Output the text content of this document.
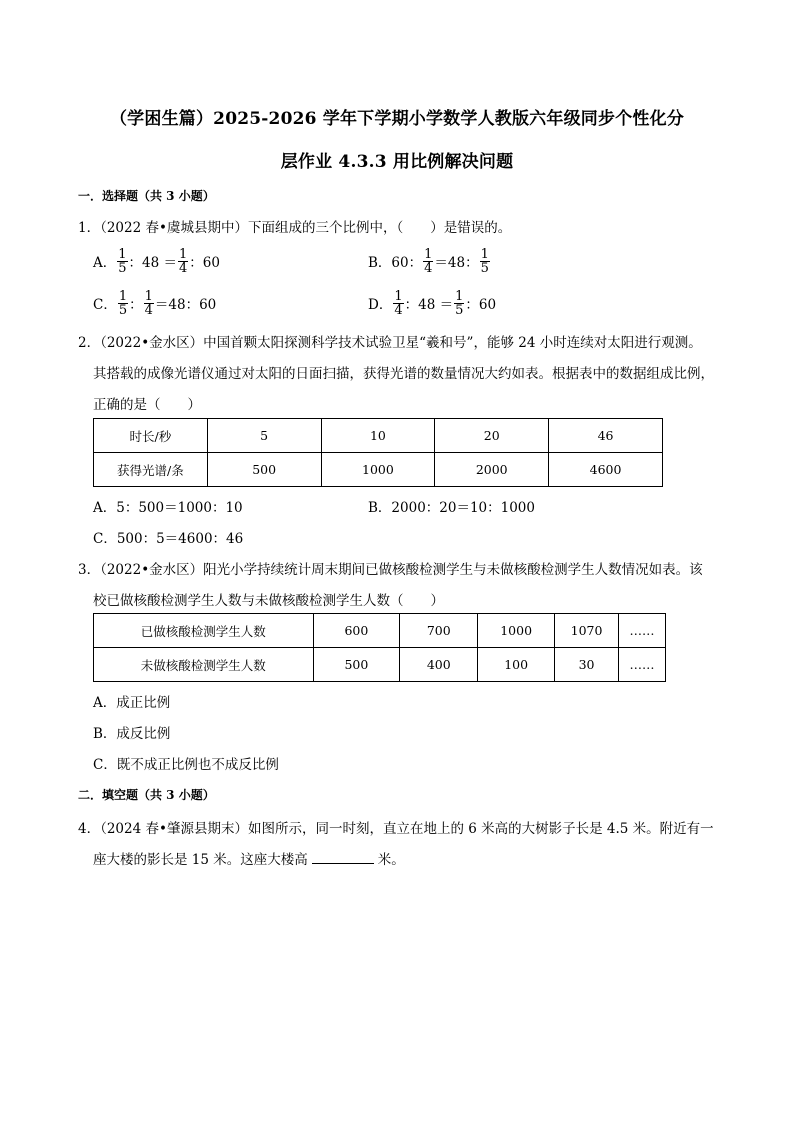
（学困生篇）2025-2026 学年下学期小学数学人教版六年级同步个性化分
层作业 4.3.3 用比例解决问题
一．选择题（共 3 小题）
1．（2022 春•虞城县期中）下面组成的三个比例中，（　　）是错误的。
A． $\frac{1}{5}$ ：$48 = \frac{1}{4}$ ：60	B． 60： $\frac{1}{4} =48$： $\frac{1}{5}$
C． $\frac{1}{5}$ ： $\frac{1}{4} =48$：60	D． $\frac{1}{4}$ ：$48 = \frac{1}{5}$ ：60
2．（2022•金水区）中国首颗太阳探测科学技术试验卫星“羲和号”，能够 24 小时连续对太阳进行观测。
其搭载的成像光谱仪通过对太阳的日面扫描，获得光谱的数量情况大约如表。根据表中的数据组成比例，
正确的是（　　）
时长/秒	5	10	20	46
获得光谱/条	500	1000	2000	4600
A．5：500＝1000：10	B．2000：20＝10：1000
C．500：5＝4600：46
3．（2022•金水区）阳光小学持续统计周末期间已做核酸检测学生与未做核酸检测学生人数情况如表。该
校已做核酸检测学生人数与未做核酸检测学生人数（　　）
已做核酸检测学生人数	600	700	1000	1070	……
未做核酸检测学生人数	500	400	100	30	……
A．成正比例
B．成反比例
C．既不成正比例也不成反比例
二．填空题（共 3 小题）
4．（2024 春•肇源县期末）如图所示，同一时刻，直立在地上的 6 米高的大树影子长是 4.5 米。附近有一
座大楼的影长是 15 米。这座大楼高	米。
